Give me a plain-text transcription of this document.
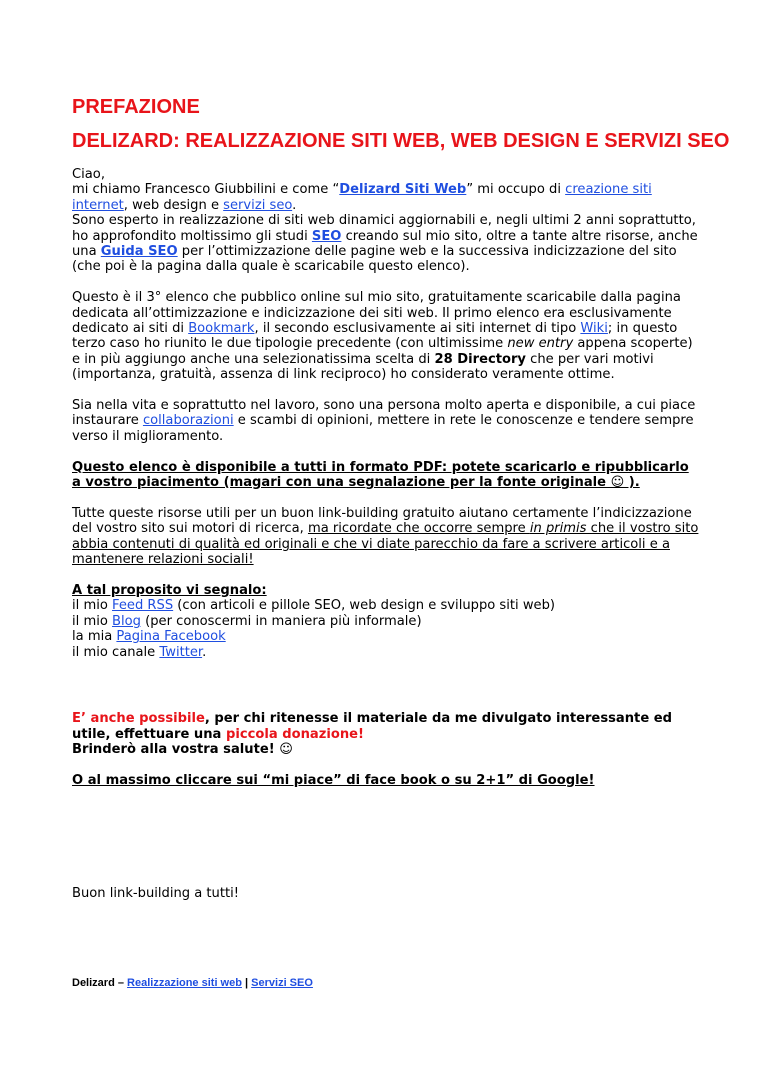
PREFAZIONE
DELIZARD: REALIZZAZIONE SITI WEB, WEB DESIGN E SERVIZI SEO

Ciao,
mi chiamo Francesco Giubbilini e come “Delizard Siti Web” mi occupo di creazione siti internet, web design e servizi seo.
Sono esperto in realizzazione di siti web dinamici aggiornabili e, negli ultimi 2 anni soprattutto, ho approfondito moltissimo gli studi SEO creando sul mio sito, oltre a tante altre risorse, anche una Guida SEO per l’ottimizzazione delle pagine web e la successiva indicizzazione del sito (che poi è la pagina dalla quale è scaricabile questo elenco).

Questo è il 3° elenco che pubblico online sul mio sito, gratuitamente scaricabile dalla pagina dedicata all’ottimizzazione e indicizzazione dei siti web. Il primo elenco era esclusivamente dedicato ai siti di Bookmark, il secondo esclusivamente ai siti internet di tipo Wiki; in questo terzo caso ho riunito le due tipologie precedente (con ultimissime new entry appena scoperte) e in più aggiungo anche una selezionatissima scelta di 28 Directory che per vari motivi (importanza, gratuità, assenza di link reciproco) ho considerato veramente ottime.

Sia nella vita e soprattutto nel lavoro, sono una persona molto aperta e disponibile, a cui piace instaurare collaborazioni e scambi di opinioni, mettere in rete le conoscenze e tendere sempre verso il miglioramento.

Questo elenco è disponibile a tutti in formato PDF: potete scaricarlo e ripubblicarlo a vostro piacimento (magari con una segnalazione per la fonte originale ☺ ).

Tutte queste risorse utili per un buon link-building gratuito aiutano certamente l’indicizzazione del vostro sito sui motori di ricerca, ma ricordate che occorre sempre in primis che il vostro sito abbia contenuti di qualità ed originali e che vi diate parecchio da fare a scrivere articoli e a mantenere relazioni sociali!

A tal proposito vi segnalo:
il mio Feed RSS (con articoli e pillole SEO, web design e sviluppo siti web)
il mio Blog (per conoscermi in maniera più informale)
la mia Pagina Facebook
il mio canale Twitter.

E’ anche possibile, per chi ritenesse il materiale da me divulgato interessante ed utile, effettuare una piccola donazione!
Brinderò alla vostra salute! ☺

O al massimo cliccare sui “mi piace” di face book o su 2+1” di Google!

Buon link-building a tutti!

Delizard – Realizzazione siti web | Servizi SEO
